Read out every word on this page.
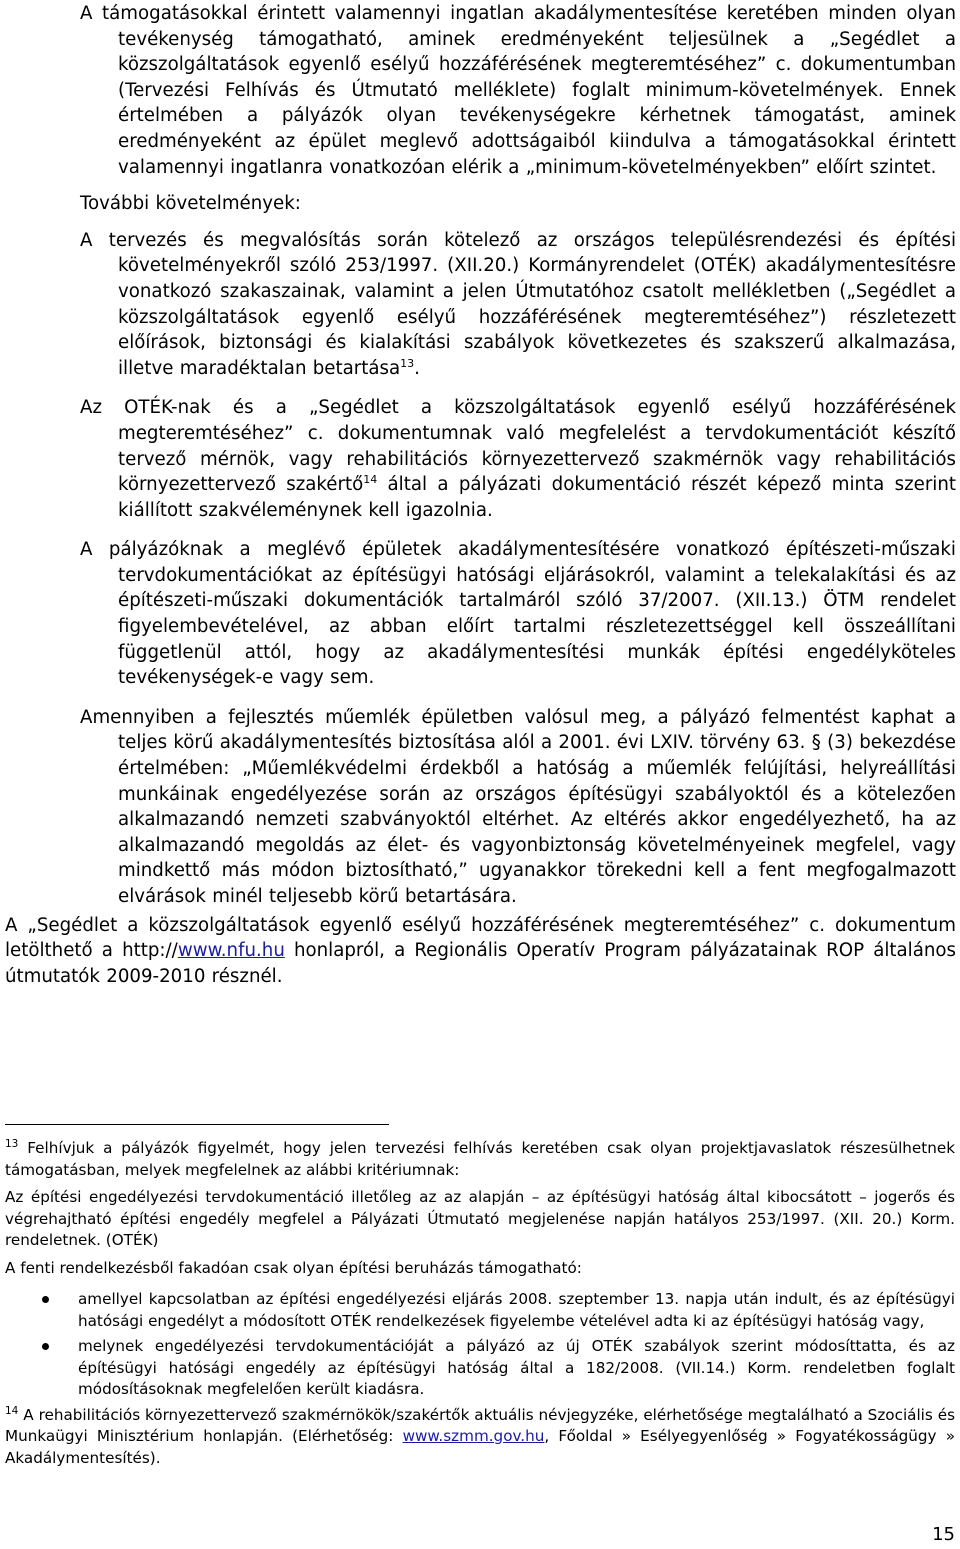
A támogatásokkal érintett valamennyi ingatlan akadálymentesítése keretében minden olyan tevékenység támogatható, aminek eredményeként teljesülnek a „Segédlet a közszolgáltatások egyenlő esélyű hozzáférésének megteremtéséhez” c. dokumentumban (Tervezési Felhívás és Útmutató melléklete) foglalt minimum-követelmények. Ennek értelmében a pályázók olyan tevékenységekre kérhetnek támogatást, aminek eredményeként az épület meglevő adottságaiból kiindulva a támogatásokkal érintett valamennyi ingatlanra vonatkozóan elérik a „minimum-követelményekben” előírt szintet.

További követelmények:

A tervezés és megvalósítás során kötelező az országos településrendezési és építési követelményekről szóló 253/1997. (XII.20.) Kormányrendelet (OTÉK) akadálymentesítésre vonatkozó szakaszainak, valamint a jelen Útmutatóhoz csatolt mellékletben („Segédlet a közszolgáltatások egyenlő esélyű hozzáférésének megteremtéséhez”) részletezett előírások, biztonsági és kialakítási szabályok következetes és szakszerű alkalmazása, illetve maradéktalan betartása$^{13}$.

Az OTÉK-nak és a „Segédlet a közszolgáltatások egyenlő esélyű hozzáférésének megteremtéséhez” c. dokumentumnak való megfelelést a tervdokumentációt készítő tervező mérnök, vagy rehabilitációs környezettervező szakmérnök vagy rehabilitációs környezettervező szakértő$^{14}$ által a pályázati dokumentáció részét képező minta szerint kiállított szakvéleménynek kell igazolnia.

A pályázóknak a meglévő épületek akadálymentesítésére vonatkozó építészeti-műszaki tervdokumentációkat az építésügyi hatósági eljárásokról, valamint a telekalakítási és az építészeti-műszaki dokumentációk tartalmáról szóló 37/2007. (XII.13.) ÖTM rendelet figyelembevételével, az abban előírt tartalmi részletezettséggel kell összeállítani függetlenül attól, hogy az akadálymentesítési munkák építési engedélyköteles tevékenységek-e vagy sem.

Amennyiben a fejlesztés műemlék épületben valósul meg, a pályázó felmentést kaphat a teljes körű akadálymentesítés biztosítása alól a 2001. évi LXIV. törvény 63. § (3) bekezdése értelmében: „Műemlékvédelmi érdekből a hatóság a műemlék felújítási, helyreállítási munkáinak engedélyezése során az országos építésügyi szabályoktól és a kötelezően alkalmazandó nemzeti szabványoktól eltérhet. Az eltérés akkor engedélyezhető, ha az alkalmazandó megoldás az élet- és vagyonbiztonság követelményeinek megfelel, vagy mindkettő más módon biztosítható,” ugyanakkor törekedni kell a fent megfogalmazott elvárások minél teljesebb körű betartására.

A „Segédlet a közszolgáltatások egyenlő esélyű hozzáférésének megteremtéséhez” c. dokumentum letölthető a http://www.nfu.hu honlapról, a Regionális Operatív Program pályázatainak ROP általános útmutatók 2009-2010 résznél.

$^{13}$ Felhívjuk a pályázók figyelmét, hogy jelen tervezési felhívás keretében csak olyan projektjavaslatok részesülhetnek támogatásban, melyek megfelelnek az alábbi kritériumnak:

Az építési engedélyezési tervdokumentáció illetőleg az az alapján – az építésügyi hatóság által kibocsátott – jogerős és végrehajtható építési engedély megfelel a Pályázati Útmutató megjelenése napján hatályos 253/1997. (XII. 20.) Korm. rendeletnek. (OTÉK)

A fenti rendelkezésből fakadóan csak olyan építési beruházás támogatható:

amellyel kapcsolatban az építési engedélyezési eljárás 2008. szeptember 13. napja után indult, és az építésügyi hatósági engedélyt a módosított OTÉK rendelkezések figyelembe vételével adta ki az építésügyi hatóság vagy,
melynek engedélyezési tervdokumentációját a pályázó az új OTÉK szabályok szerint módosíttatta, és az építésügyi hatósági engedély az építésügyi hatóság által a 182/2008. (VII.14.) Korm. rendeletben foglalt módosításoknak megfelelően került kiadásra.

$^{14}$ A rehabilitációs környezettervező szakmérnökök/szakértők aktuális névjegyzéke, elérhetősége megtalálható a Szociális és Munkaügyi Minisztérium honlapján. (Elérhetőség: www.szmm.gov.hu, Főoldal » Esélyegyenlőség » Fogyatékosságügy » Akadálymentesítés).

15
